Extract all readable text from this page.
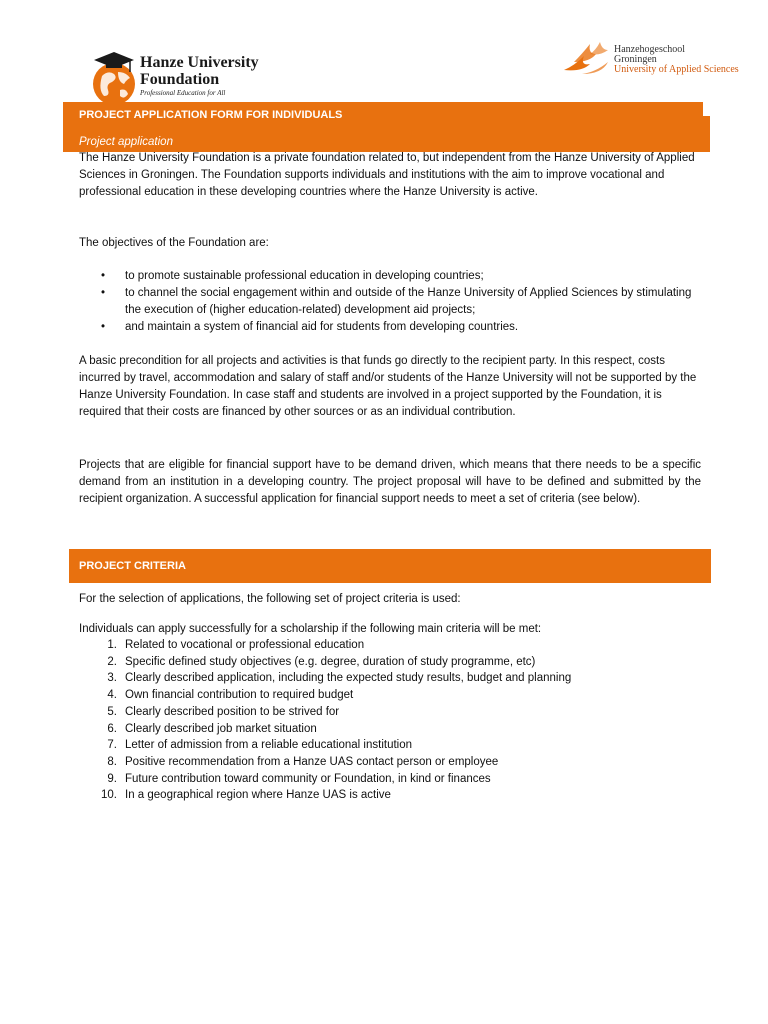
Hanze University
Foundation
Professional Education for All
Hanzehogeschool
Groningen
University of Applied Sciences
Project application
PROJECT APPLICATION FORM FOR INDIVIDUALS

The Hanze University Foundation is a private foundation related to, but independent from the Hanze University of Applied Sciences in Groningen. The Foundation supports individuals and institutions with the aim to improve vocational and professional education in these developing countries where the Hanze University is active.

The objectives of the Foundation are:

• to promote sustainable professional education in developing countries;
• to channel the social engagement within and outside of the Hanze University of Applied Sciences by stimulating the execution of (higher education-related) development aid projects;
• and maintain a system of financial aid for students from developing countries.

A basic precondition for all projects and activities is that funds go directly to the recipient party. In this respect, costs incurred by travel, accommodation and salary of staff and/or students of the Hanze University will not be supported by the Hanze University Foundation. In case staff and students are involved in a project supported by the Foundation, it is required that their costs are financed by other sources or as an individual contribution.

Projects that are eligible for financial support have to be demand driven, which means that there needs to be a specific demand from an institution in a developing country. The project proposal will have to be defined and submitted by the recipient organization. A successful application for financial support needs to meet a set of criteria (see below).

PROJECT CRITERIA

For the selection of applications, the following set of project criteria is used:

Individuals can apply successfully for a scholarship if the following main criteria will be met:

1. Related to vocational or professional education
2. Specific defined study objectives (e.g. degree, duration of study programme, etc)
3. Clearly described application, including the expected study results, budget and planning
4. Own financial contribution to required budget
5. Clearly described position to be strived for
6. Clearly described job market situation
7. Letter of admission from a reliable educational institution
8. Positive recommendation from a Hanze UAS contact person or employee
9. Future contribution toward community or Foundation, in kind or finances
10. In a geographical region where Hanze UAS is active
